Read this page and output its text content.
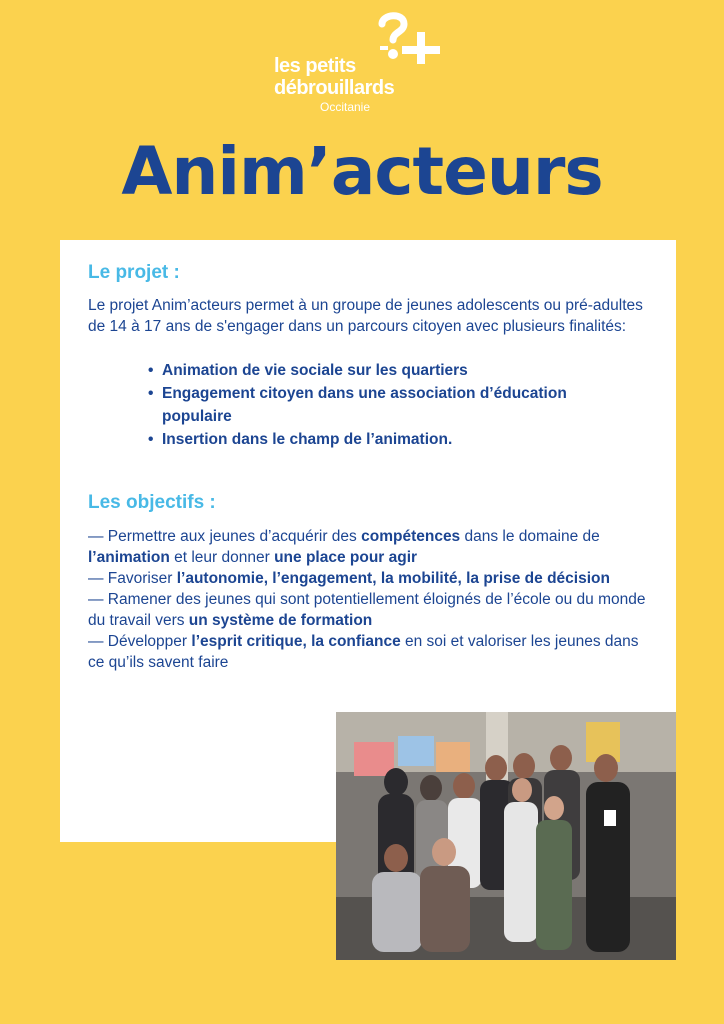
les petits
débrouillards
Occitanie
Anim’acteurs
Le projet :
Le projet Anim’acteurs permet à un groupe de jeunes adolescents ou pré-adultes de 14 à 17 ans de s'engager dans un parcours citoyen avec plusieurs finalités:
• Animation de vie sociale sur les quartiers
• Engagement citoyen dans une association d’éducation populaire
• Insertion dans le champ de l’animation.
Les objectifs :

— Permettre aux jeunes d’acquérir des compétences dans le domaine de l’animation et leur donner une place pour agir

— Favoriser l’autonomie, l’engagement, la mobilité, la prise de décision

— Ramener des jeunes qui sont potentiellement éloignés de l’école ou du monde du travail vers un système de formation

— Développer l’esprit critique, la confiance en soi et valoriser les jeunes dans ce qu’ils savent faire
